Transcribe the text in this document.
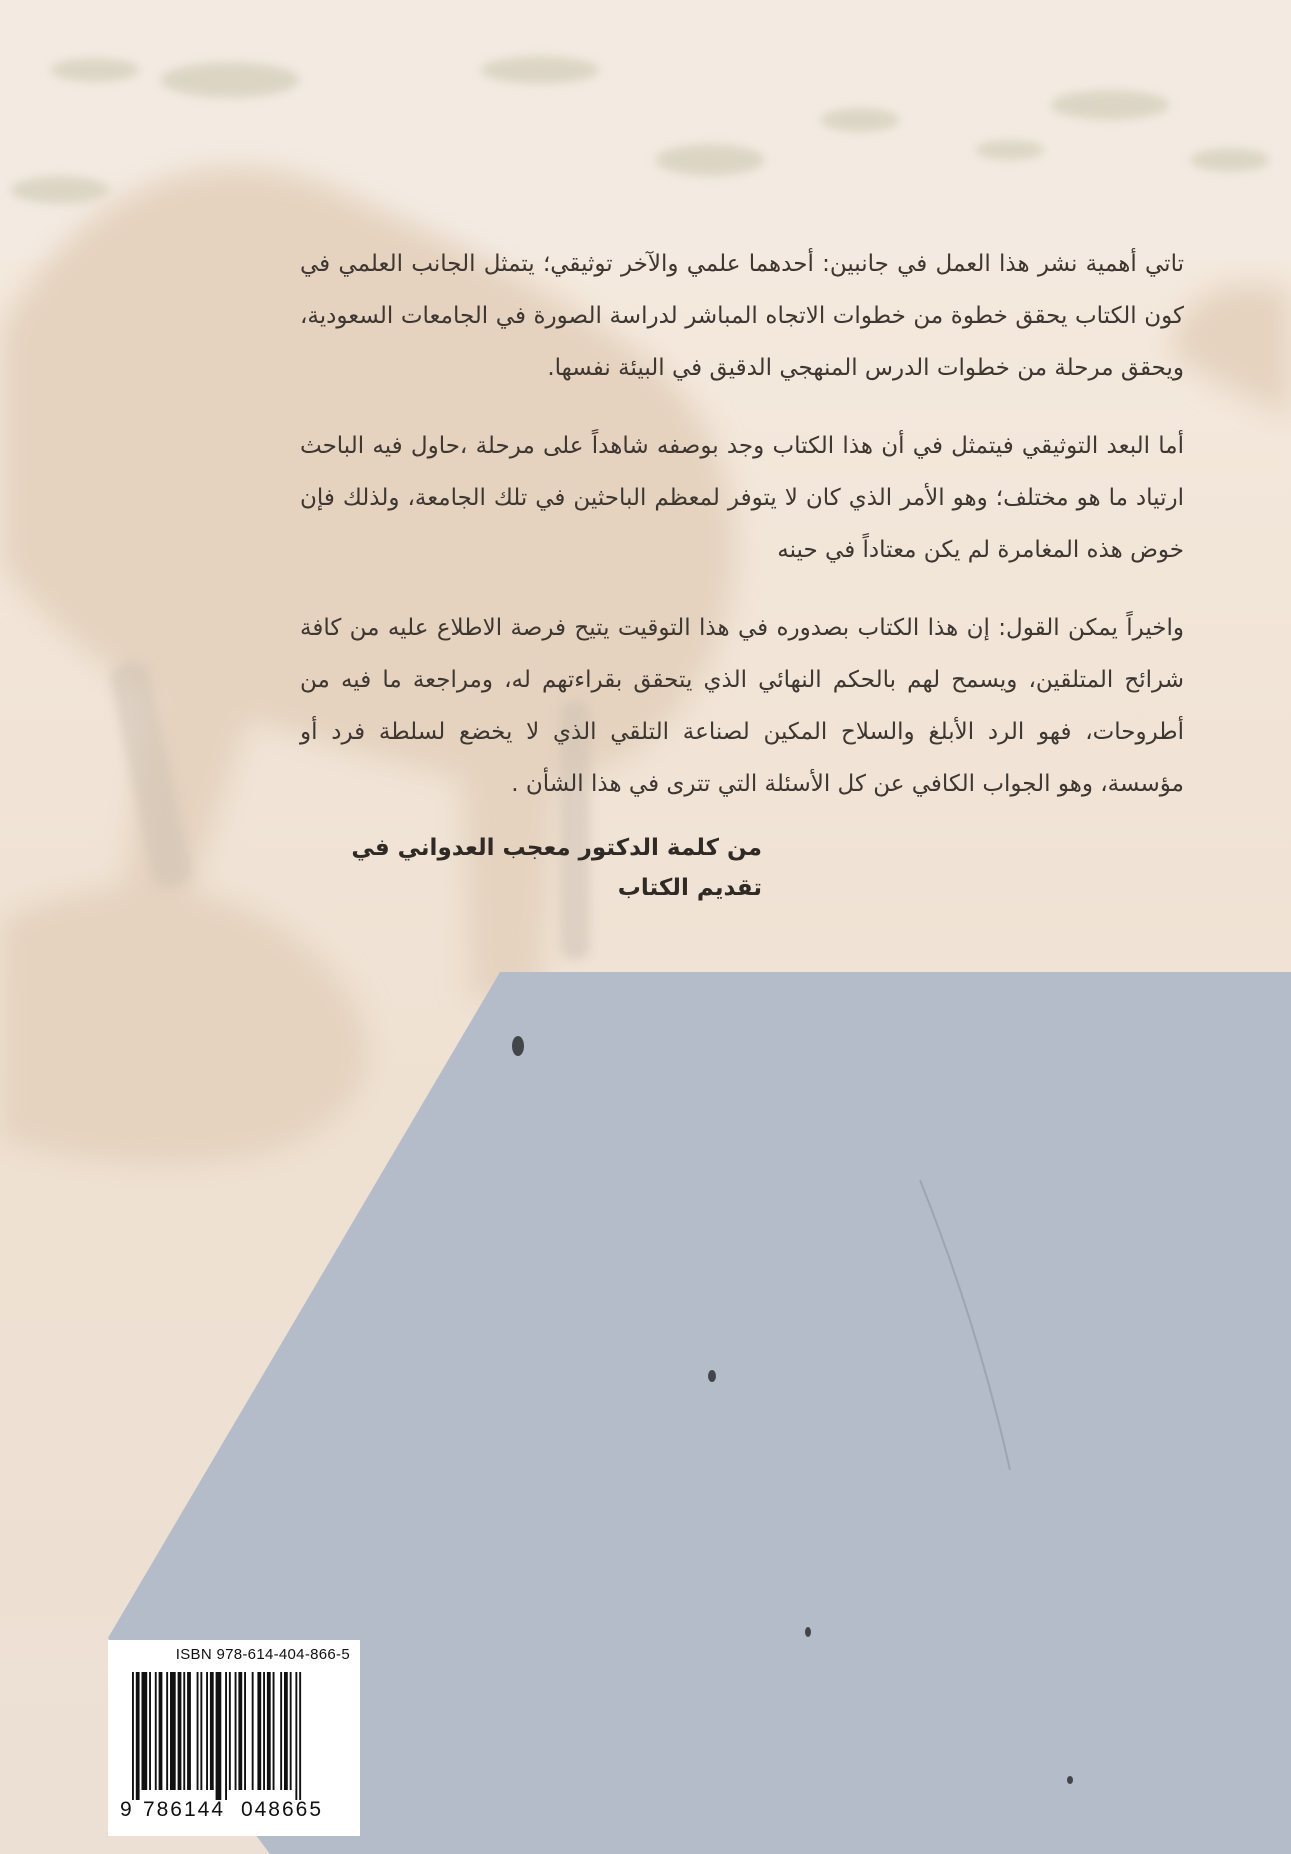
تاتي أهمية نشر هذا العمل في جانبين: أحدهما علمي والآخر توثيقي؛ يتمثل الجانب العلمي في كون الكتاب يحقق خطوة من خطوات الاتجاه المباشر لدراسة الصورة في الجامعات السعودية، ويحقق مرحلة من خطوات الدرس المنهجي الدقيق في البيئة نفسها.

أما البعد التوثيقي فيتمثل في أن هذا الكتاب وجد بوصفه شاهداً على مرحلة ،حاول فيه الباحث ارتياد ما هو مختلف؛ وهو الأمر الذي كان لا يتوفر لمعظم الباحثين في تلك الجامعة، ولذلك فإن خوض هذه المغامرة لم يكن معتاداً في حينه

واخيراً يمكن القول: إن هذا الكتاب بصدوره في هذا التوقيت يتيح فرصة الاطلاع عليه من كافة شرائح المتلقين، ويسمح لهم بالحكم النهائي الذي يتحقق بقراءتهم له، ومراجعة ما فيه من أطروحات، فهو الرد الأبلغ والسلاح المكين لصناعة التلقي الذي لا يخضع لسلطة فرد أو مؤسسة، وهو الجواب الكافي عن كل الأسئلة التي تترى في هذا الشأن .

من كلمة الدكتور معجب العدواني في تقديم الكتاب
ISBN 978-614-404-866-5
9 786144 048665
